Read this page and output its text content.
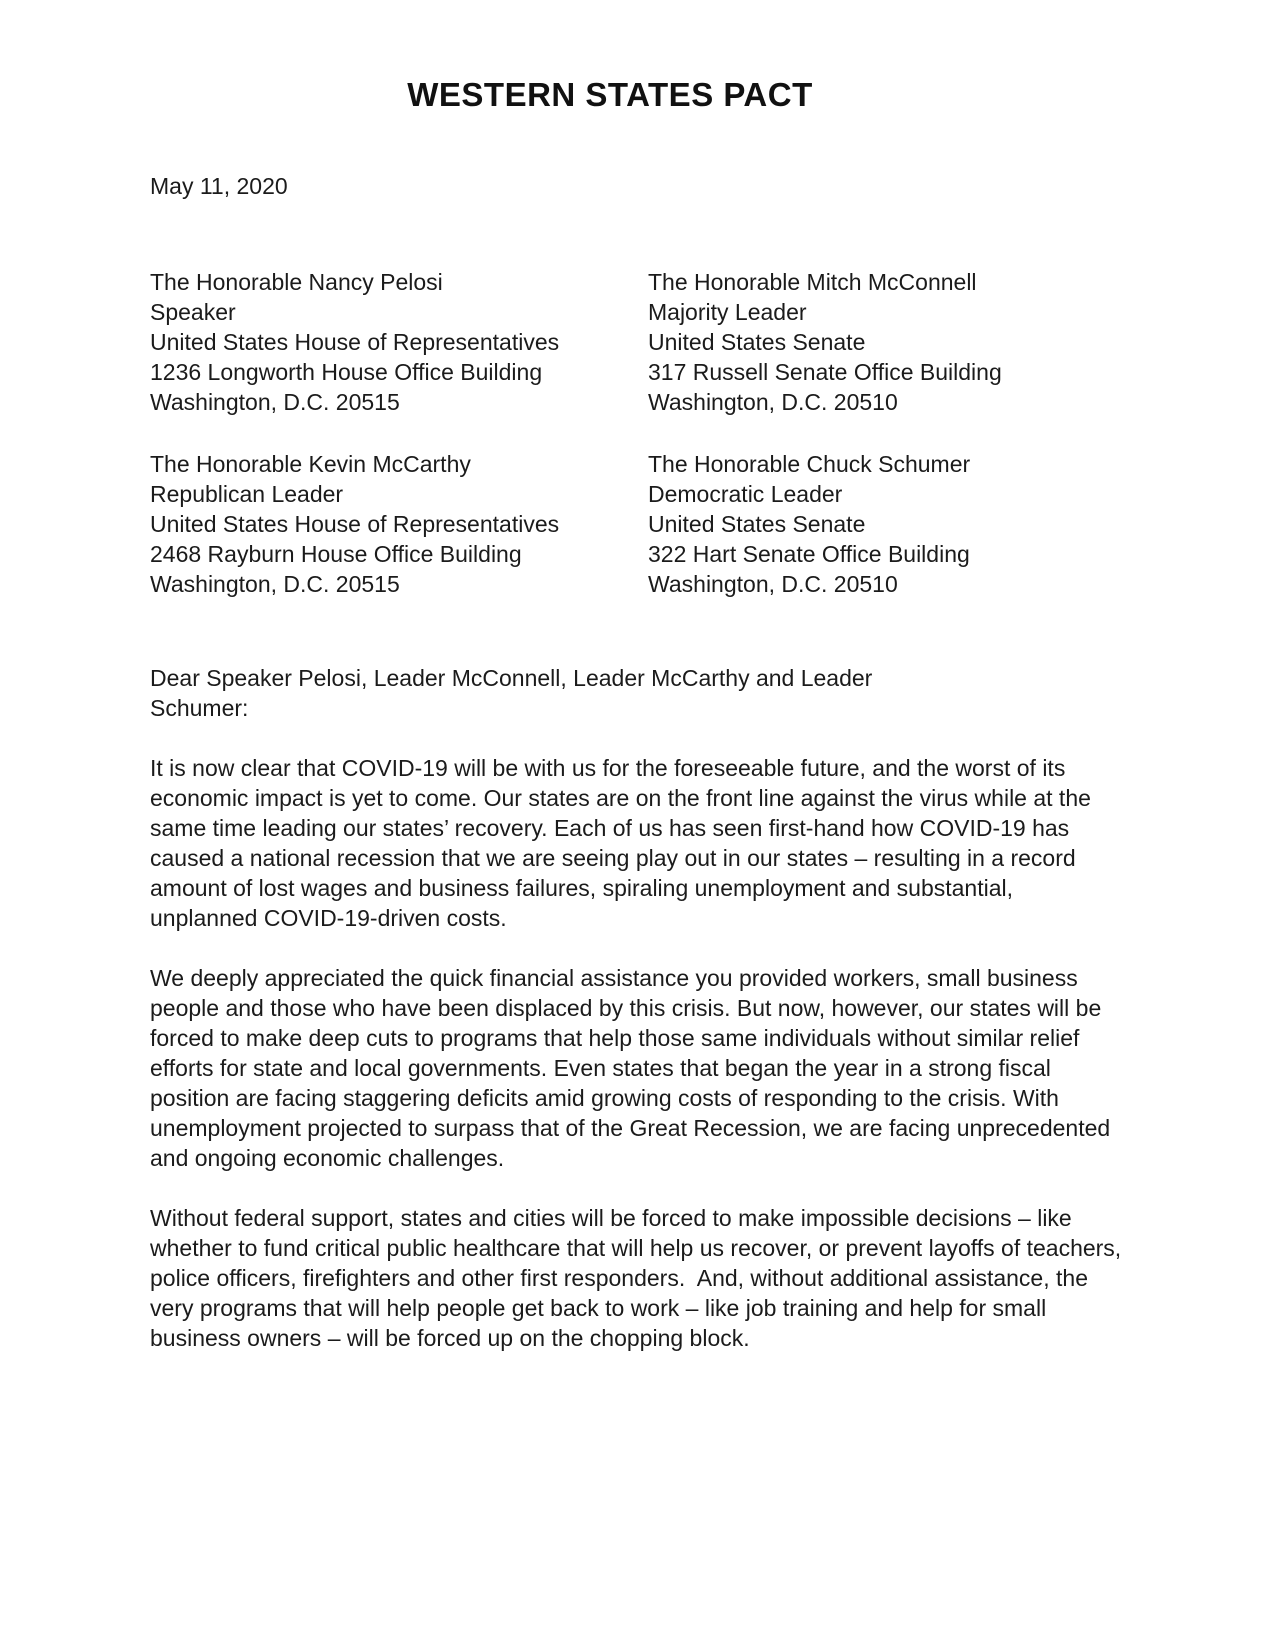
WESTERN STATES PACT
May 11, 2020
The Honorable Nancy Pelosi
Speaker
United States House of Representatives
1236 Longworth House Office Building
Washington, D.C. 20515
The Honorable Mitch McConnell
Majority Leader
United States Senate
317 Russell Senate Office Building
Washington, D.C. 20510
The Honorable Kevin McCarthy
Republican Leader
United States House of Representatives
2468 Rayburn House Office Building
Washington, D.C. 20515
The Honorable Chuck Schumer
Democratic Leader
United States Senate
322 Hart Senate Office Building
Washington, D.C. 20510

Dear Speaker Pelosi, Leader McConnell, Leader McCarthy and Leader Schumer:

It is now clear that COVID-19 will be with us for the foreseeable future, and the worst of its economic impact is yet to come. Our states are on the front line against the virus while at the same time leading our states’ recovery. Each of us has seen first-hand how COVID-19 has caused a national recession that we are seeing play out in our states – resulting in a record amount of lost wages and business failures, spiraling unemployment and substantial, unplanned COVID-19-driven costs.

We deeply appreciated the quick financial assistance you provided workers, small business people and those who have been displaced by this crisis. But now, however, our states will be forced to make deep cuts to programs that help those same individuals without similar relief efforts for state and local governments. Even states that began the year in a strong fiscal position are facing staggering deficits amid growing costs of responding to the crisis. With unemployment projected to surpass that of the Great Recession, we are facing unprecedented and ongoing economic challenges.

Without federal support, states and cities will be forced to make impossible decisions – like whether to fund critical public healthcare that will help us recover, or prevent layoffs of teachers, police officers, firefighters and other first responders.  And, without additional assistance, the very programs that will help people get back to work – like job training and help for small business owners – will be forced up on the chopping block.
